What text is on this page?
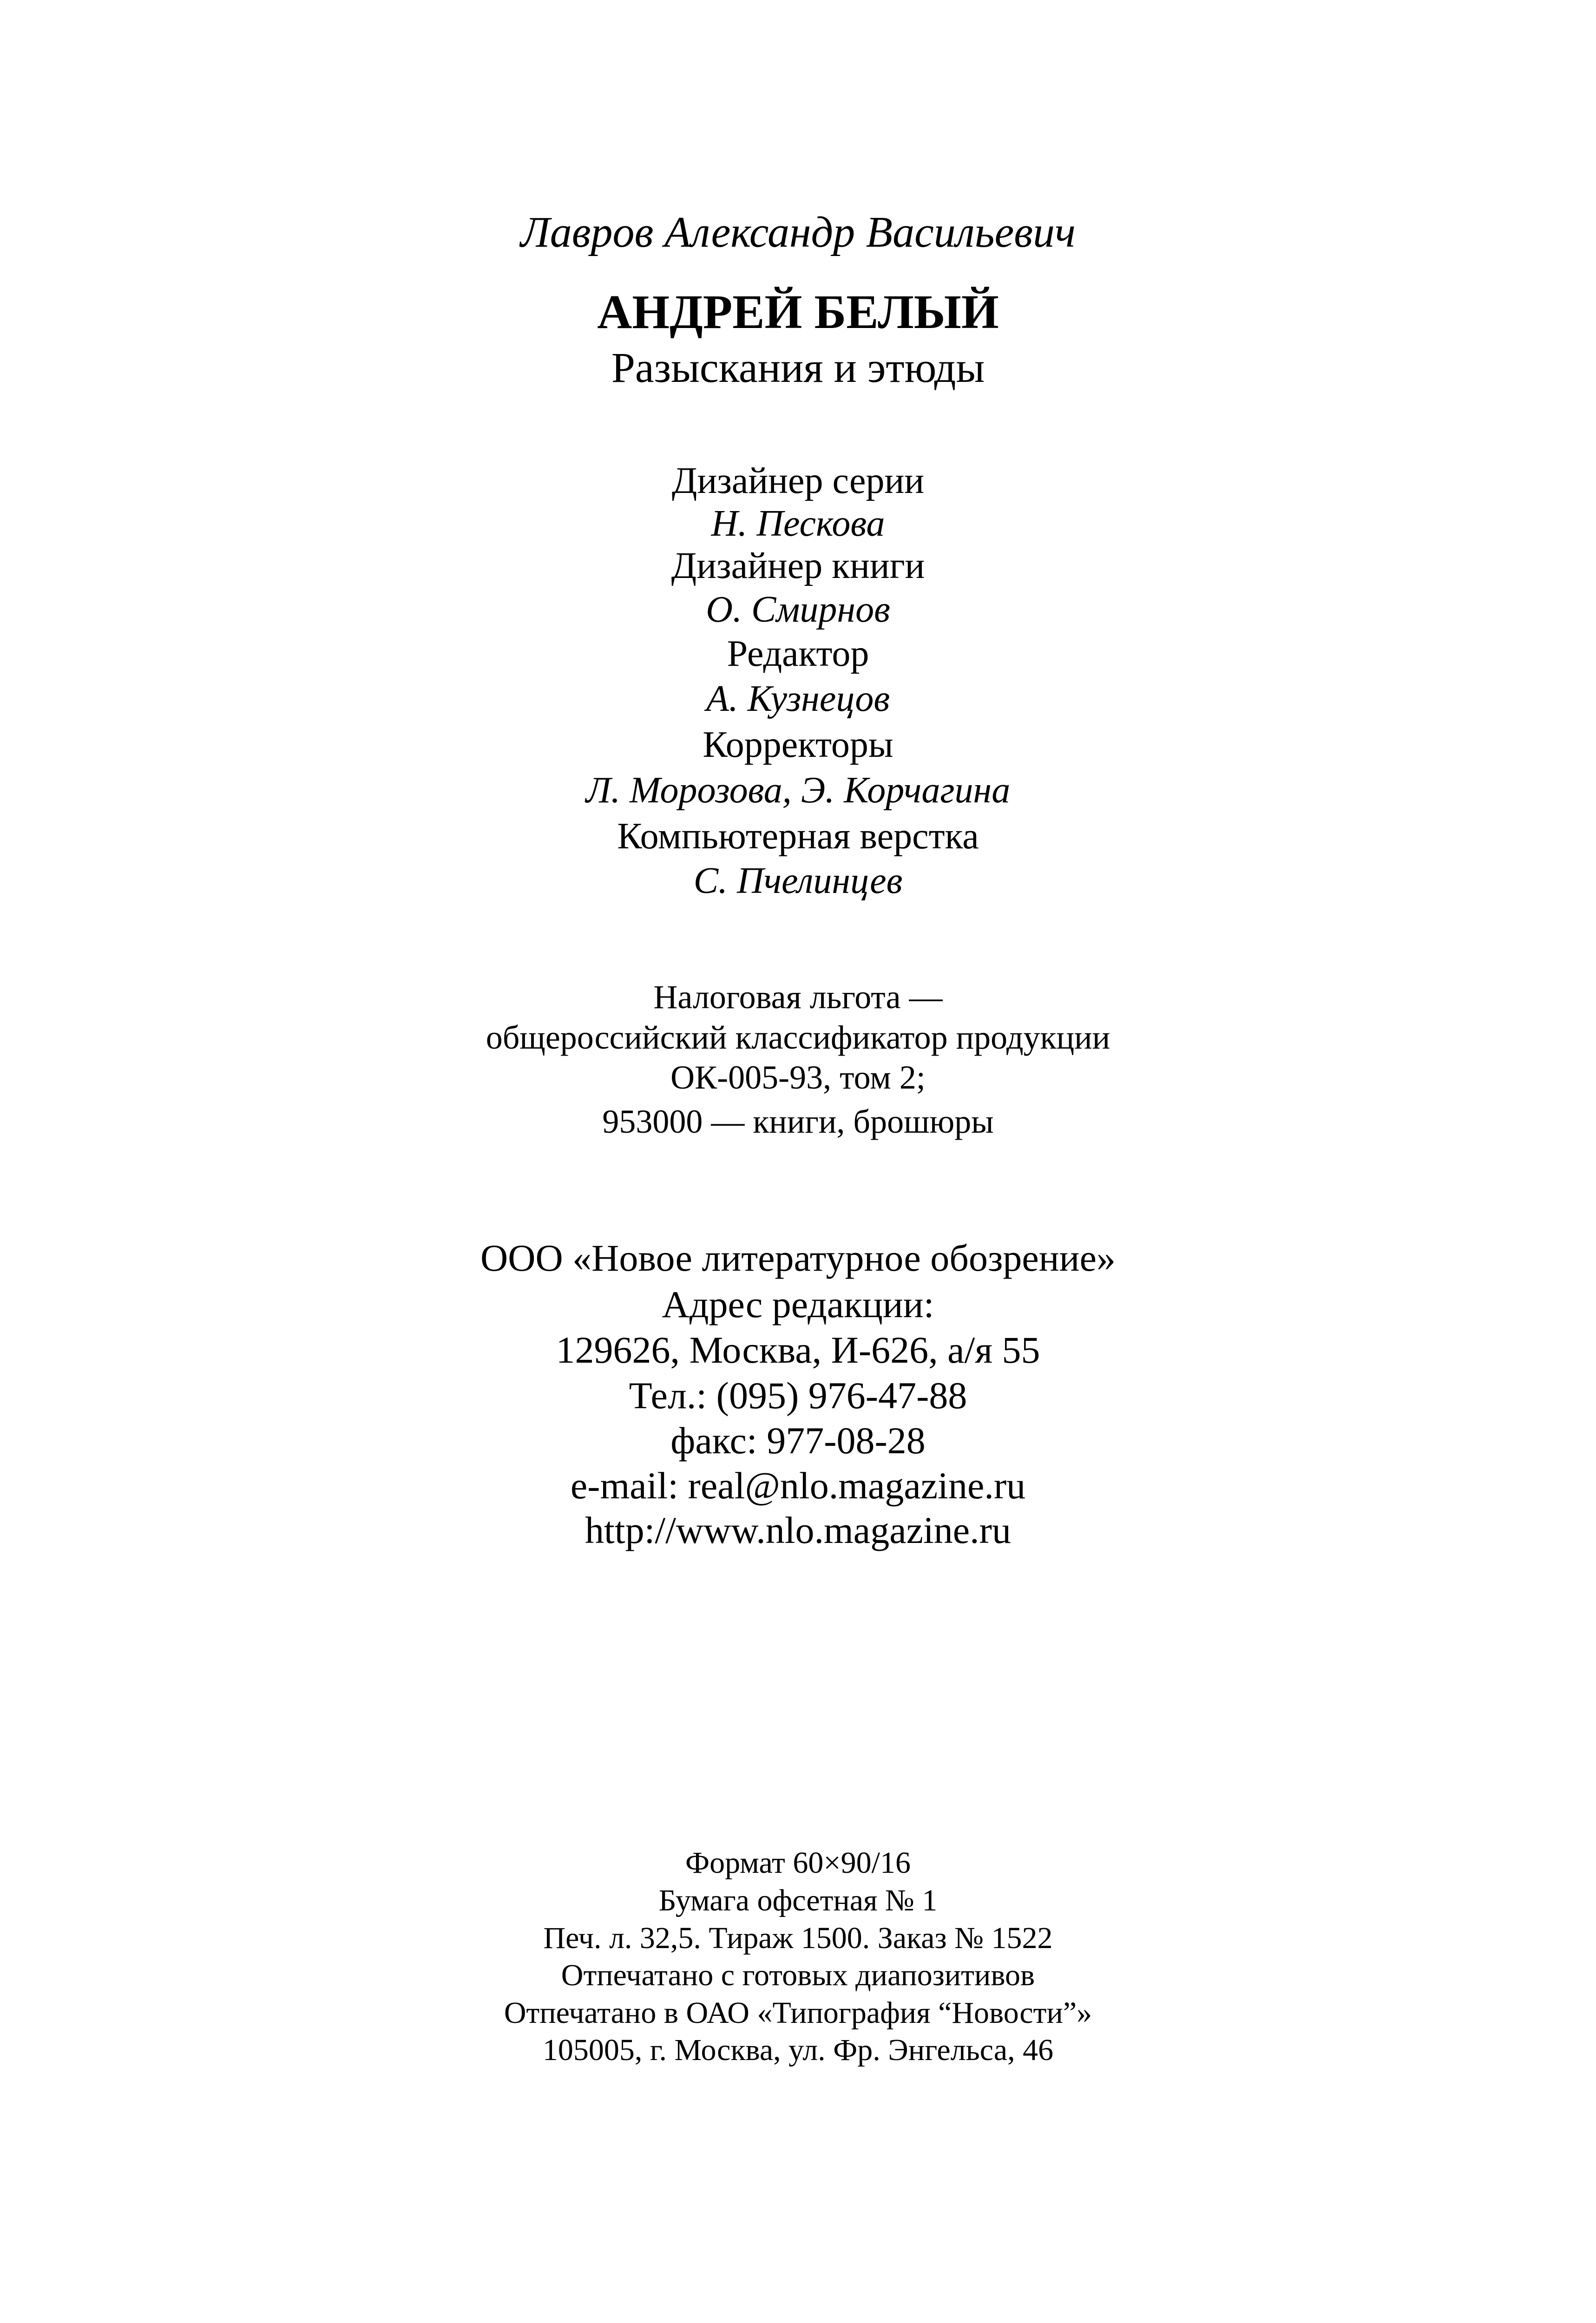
Лавров Александр Васильевич
АНДРЕЙ БЕЛЫЙ
Разыскания и этюды
Дизайнер серии
Н. Пескова
Дизайнер книги
О. Смирнов
Редактор
А. Кузнецов
Корректоры
Л. Морозова, Э. Корчагина
Компьютерная верстка
С. Пчелинцев
Налоговая льгота —
общероссийский классификатор продукции
ОК-005-93, том 2;
953000 — книги, брошюры
ООО «Новое литературное обозрение»
Адрес редакции:
129626, Москва, И-626, а/я 55
Тел.: (095) 976-47-88
факс: 977-08-28
e-mail: real@nlo.magazine.ru
http://www.nlo.magazine.ru
Формат 60×90/16
Бумага офсетная № 1
Печ. л. 32,5. Тираж 1500. Заказ № 1522
Отпечатано с готовых диапозитивов
Отпечатано в ОАО «Типография “Новости”»
105005, г. Москва, ул. Фр. Энгельса, 46
